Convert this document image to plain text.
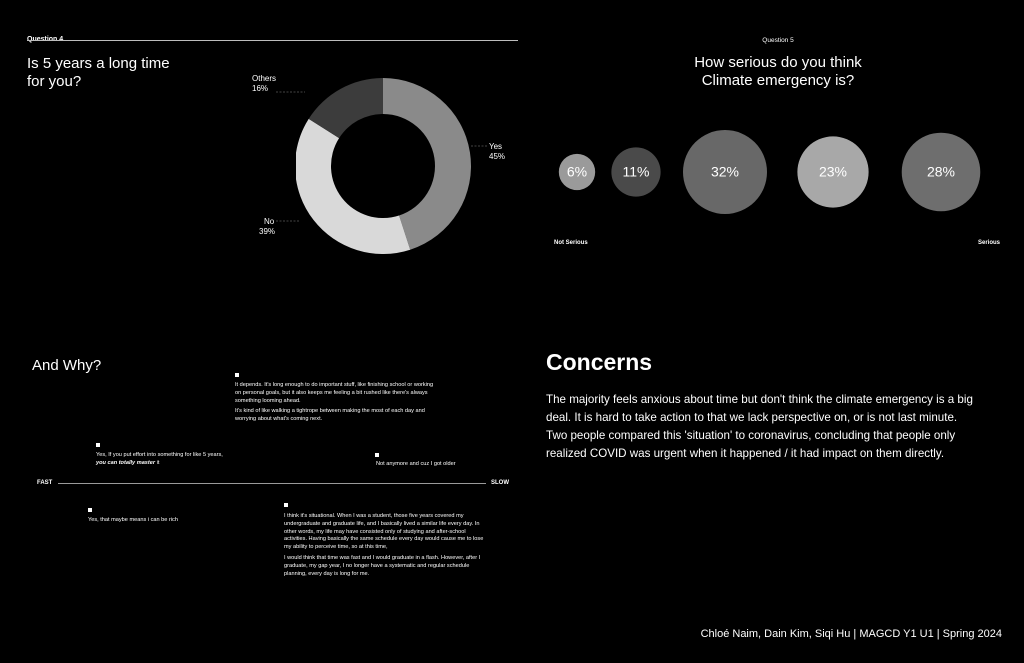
Is 5 years a long time
for you?	Others
16%
Yes
45%
No
39%
Question 5
How serious do you think
Climate emergency is?
6%	11%	32%	23%	28%
Not Serious	Serious
And Why?
FAST	SLOW

It depends. It's long enough to do important stuff, like finishing school or working on personal goals, but it also keeps me feeling a bit rushed like there's always something looming ahead.

It's kind of like walking a tightrope between making the most of each day and worrying about what's coming next.

Yes, If you put effort into something for like 5 years, you can totally master it	Not anymore and cuz I got older
Yes, that maybe means i can be rich

I think it's situational. When I was a student, those five years covered my undergraduate and graduate life, and I basically lived a similar life every day. In other words, my life may have consisted only of studying and after-school activities. Having basically the same schedule every day would cause me to lose my ability to perceive time, so at this time,

I would think that time was fast and I would graduate in a flash. However, after I graduate, my gap year, I no longer have a systematic and regular schedule planning, every day is long for me.

Concerns
The majority feels anxious about time but don't think the climate emergency is a big deal. It is hard to take action to that we lack perspective on, or is not last minute. Two people compared this 'situation' to coronavirus, concluding that people only realized COVID was urgent when it happened / it had impact on them directly.
Chloé Naim, Dain Kim, Siqi Hu | MAGCD Y1 U1 | Spring 2024
